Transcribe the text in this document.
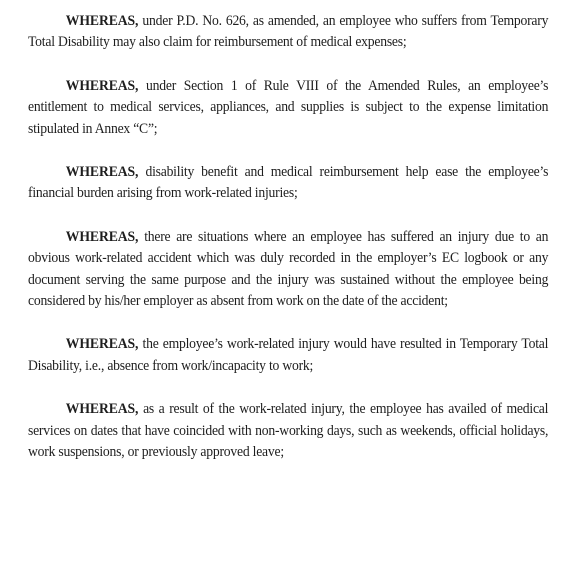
WHEREAS, under P.D. No. 626, as amended, an employee who suffers from Temporary Total Disability may also claim for reimbursement of medical expenses;

WHEREAS, under Section 1 of Rule VIII of the Amended Rules, an employee’s entitlement to medical services, appliances, and supplies is subject to the expense limitation stipulated in Annex “C”;

WHEREAS, disability benefit and medical reimbursement help ease the employee’s financial burden arising from work-related injuries;

WHEREAS, there are situations where an employee has suffered an injury due to an obvious work-related accident which was duly recorded in the employer’s EC logbook or any document serving the same purpose and the injury was sustained without the employee being considered by his/her employer as absent from work on the date of the accident;

WHEREAS, the employee’s work-related injury would have resulted in Temporary Total Disability, i.e., absence from work/incapacity to work;

WHEREAS, as a result of the work-related injury, the employee has availed of medical services on dates that have coincided with non-working days, such as weekends, official holidays, work suspensions, or previously approved leave;
